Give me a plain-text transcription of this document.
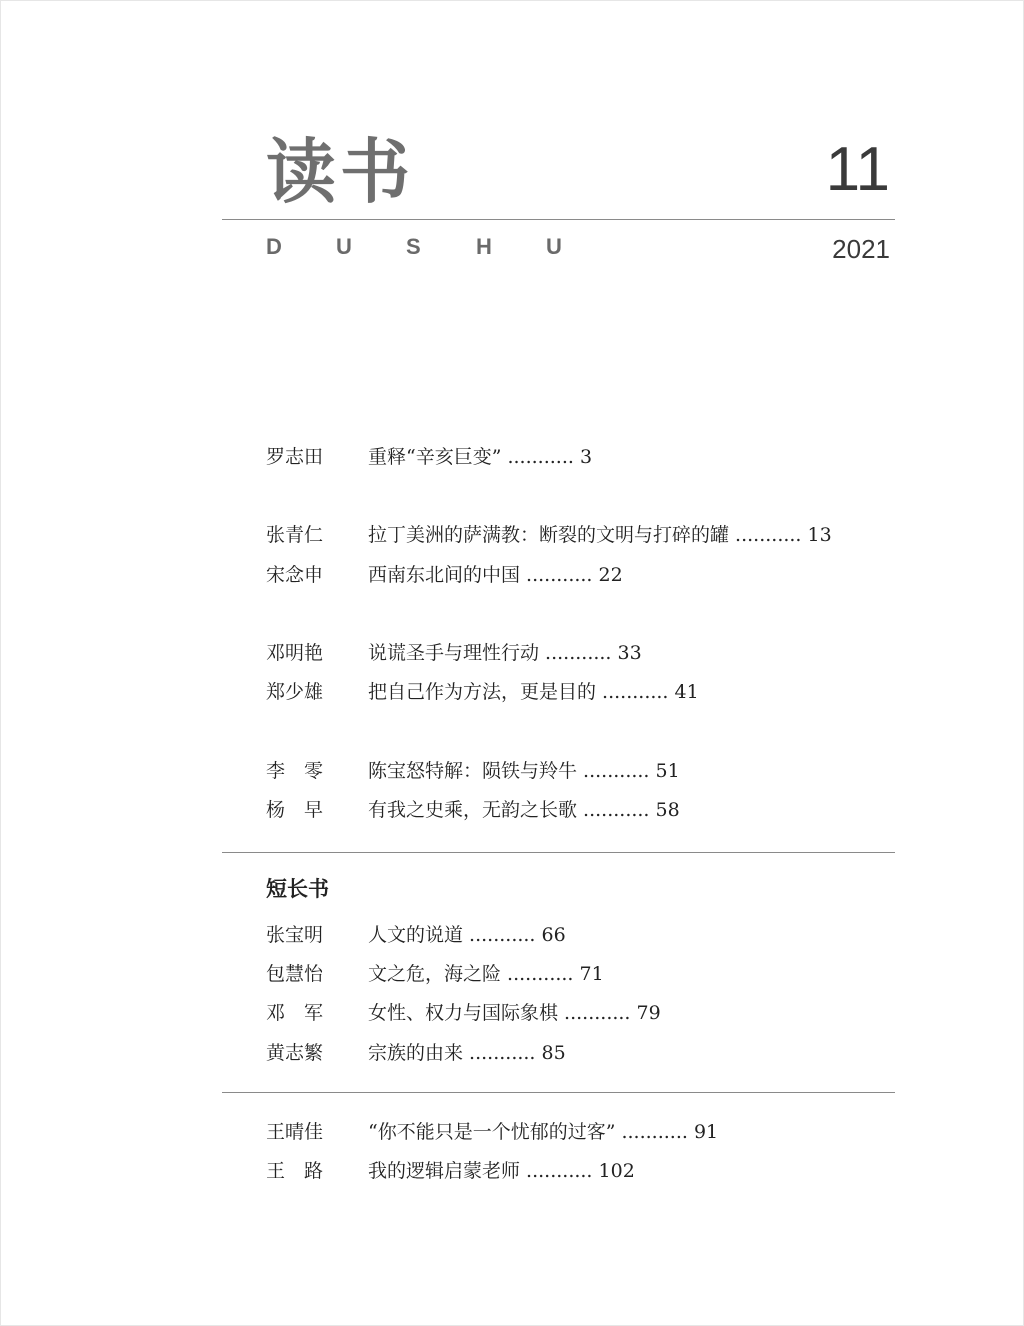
读书	11
D	U	S	H	U	2021
罗志田	重释“辛亥巨变” ........... 3
张青仁	拉丁美洲的萨满教：断裂的文明与打碎的罐 ........... 13
宋念申	西南东北间的中国 ........... 22
邓明艳	说谎圣手与理性行动 ........... 33
郑少雄	把自己作为方法，更是目的 ........... 41
李　零	陈宝怒特解：陨铁与羚牛 ........... 51
杨　早	有我之史乘，无韵之长歌 ........... 58
短长书
张宝明	人文的说道 ........... 66
包慧怡	文之危，海之险 ........... 71
邓　军	女性、权力与国际象棋 ........... 79
黄志繁	宗族的由来 ........... 85
王晴佳	“你不能只是一个忧郁的过客” ........... 91
王　路	我的逻辑启蒙老师 ........... 102
